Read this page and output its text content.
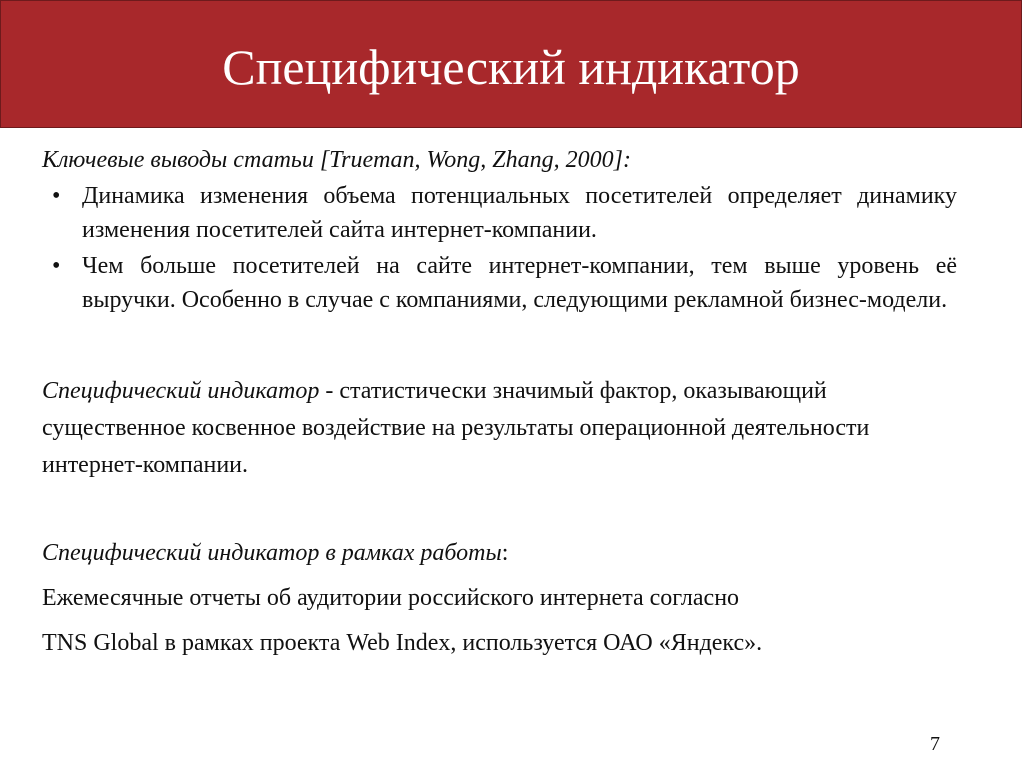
Специфический индикатор

Ключевые выводы статьи [Trueman, Wong, Zhang, 2000]:

• Динамика изменения объема потенциальных посетителей определяет динамику изменения посетителей сайта интернет-компании.
• Чем больше посетителей на сайте интернет-компании, тем выше уровень её выручки. Особенно в случае с компаниями, следующими рекламной бизнес-модели.
Специфический индикатор - статистически значимый фактор, оказывающий существенное косвенное воздействие на результаты операционной деятельности интернет-компании.

Специфический индикатор в рамках работы:

Ежемесячные отчеты об аудитории российского интернета согласно

TNS Global в рамках проекта Web Index, используется ОАО «Яндекс».

7
